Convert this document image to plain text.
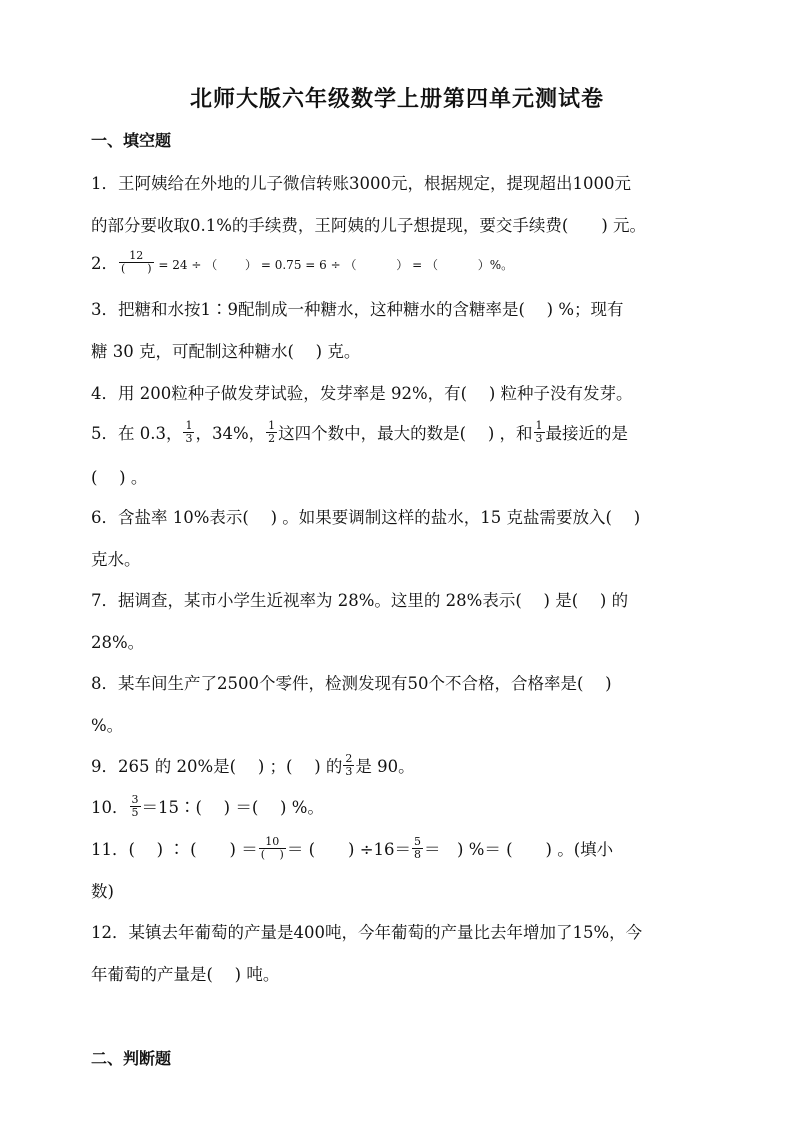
北师大版六年级数学上册第四单元测试卷
一、填空题
1．王阿姨给在外地的儿子微信转账3000元，根据规定，提现超出1000元
的部分要收取0.1%的手续费，王阿姨的儿子想提现，要交手续费(　　) 元。
2． $\frac{12}{( )} = 24$ ÷ （　　 ） = 0.75 = 6 ÷ （　　　 ） = （　　　 ）%。
3．把糖和水按1∶9配制成一种糖水，这种糖水的含糖率是(　 ) %；现有
糖 30 克，可配制这种糖水(　 ) 克。
4．用 200粒种子做发芽试验，发芽率是 92%，有(　 ) 粒种子没有发芽。
5．在 0.3， $\frac{1}{3}$ ，34%， $\frac{1}{2}$ 这四个数中，最大的数是(　 ) ，和 $\frac{1}{3}$ 最接近的是
(　 ) 。
6．含盐率 10%表示(　 ) 。如果要调制这样的盐水，15 克盐需要放入(　 )
克水。
7．据调查，某市小学生近视率为 28%。这里的 28%表示(　 ) 是(　 ) 的
28%。
8．某车间生产了2500个零件，检测发现有50个不合格，合格率是(　 )
%。
9．265 的 20%是(　 ) ；(　 ) 的 $\frac{2}{3}$ 是 90。
10． $\frac{3}{5}$ ＝15∶(　 ) ＝(　 ) %。
11．(　 ) ∶ (　　) ＝ $\frac{10}{( )}$ ＝ (　　) $\div 16= \frac{5}{8}$ ＝　) %＝ (　　) 。(填小
数)
12．某镇去年葡萄的产量是400吨，今年葡萄的产量比去年增加了15%，今
年葡萄的产量是(　 ) 吨。
二、判断题
